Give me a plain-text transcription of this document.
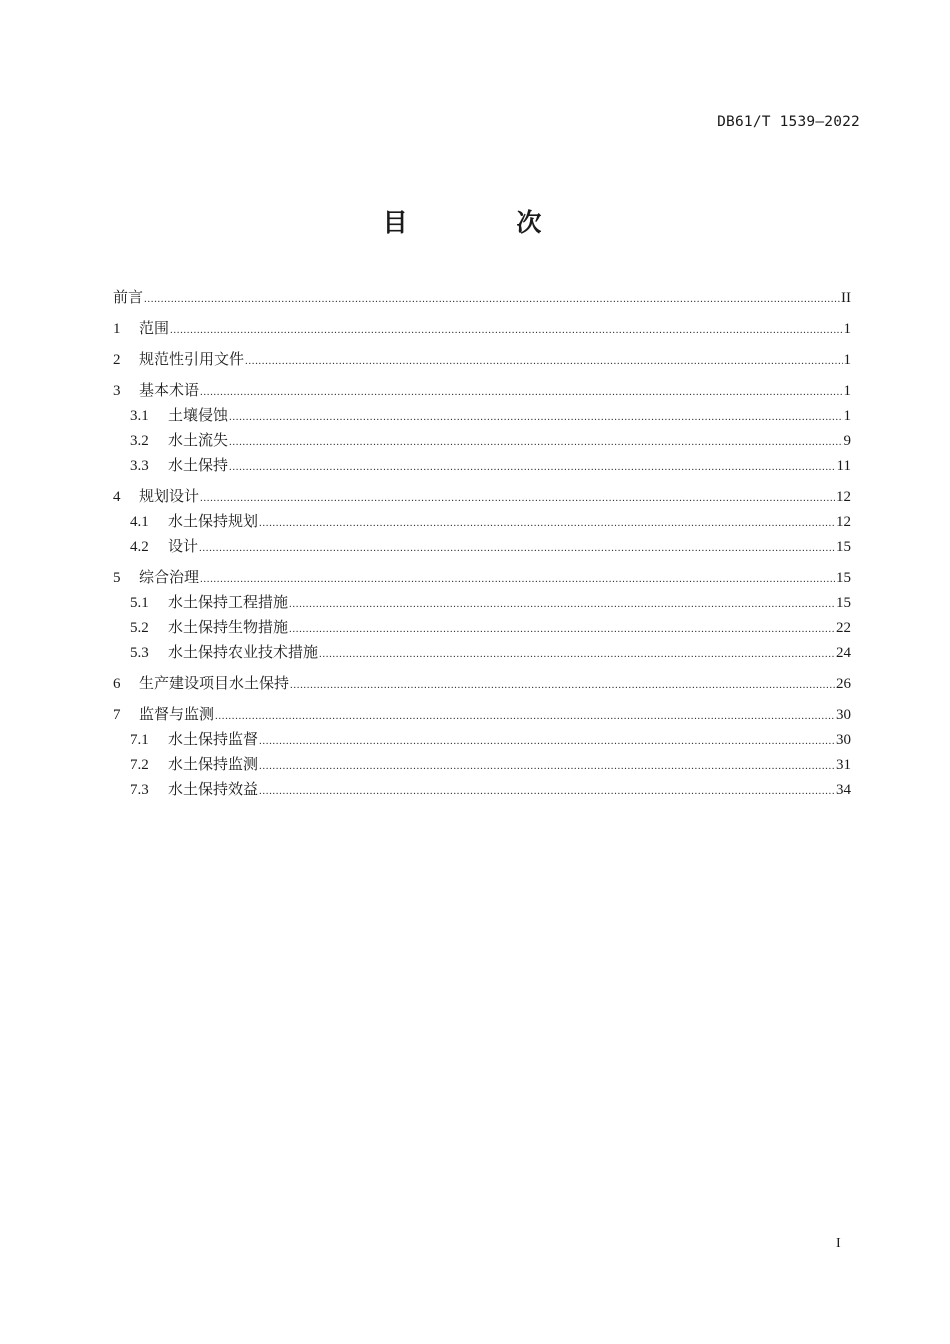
DB61/T 1539—2022
目 次
前言 .....	II
1	范围 .....	1
2	规范性引用文件 .....	1
3	基本术语 .....	1
3.1	土壤侵蚀 .....	1
3.2	水土流失 .....	9
3.3	水土保持 .....	11
4	规划设计 .....	12
4.1	水土保持规划 .....	12
4.2	设计 .....	15
5	综合治理 .....	15
5.1	水土保持工程措施 .....	15
5.2	水土保持生物措施 .....	22
5.3	水土保持农业技术措施 .....	24
6	生产建设项目水土保持 .....	26
7	监督与监测 .....	30
7.1	水土保持监督 .....	30
7.2	水土保持监测 .....	31
7.3	水土保持效益 .....	34
I
